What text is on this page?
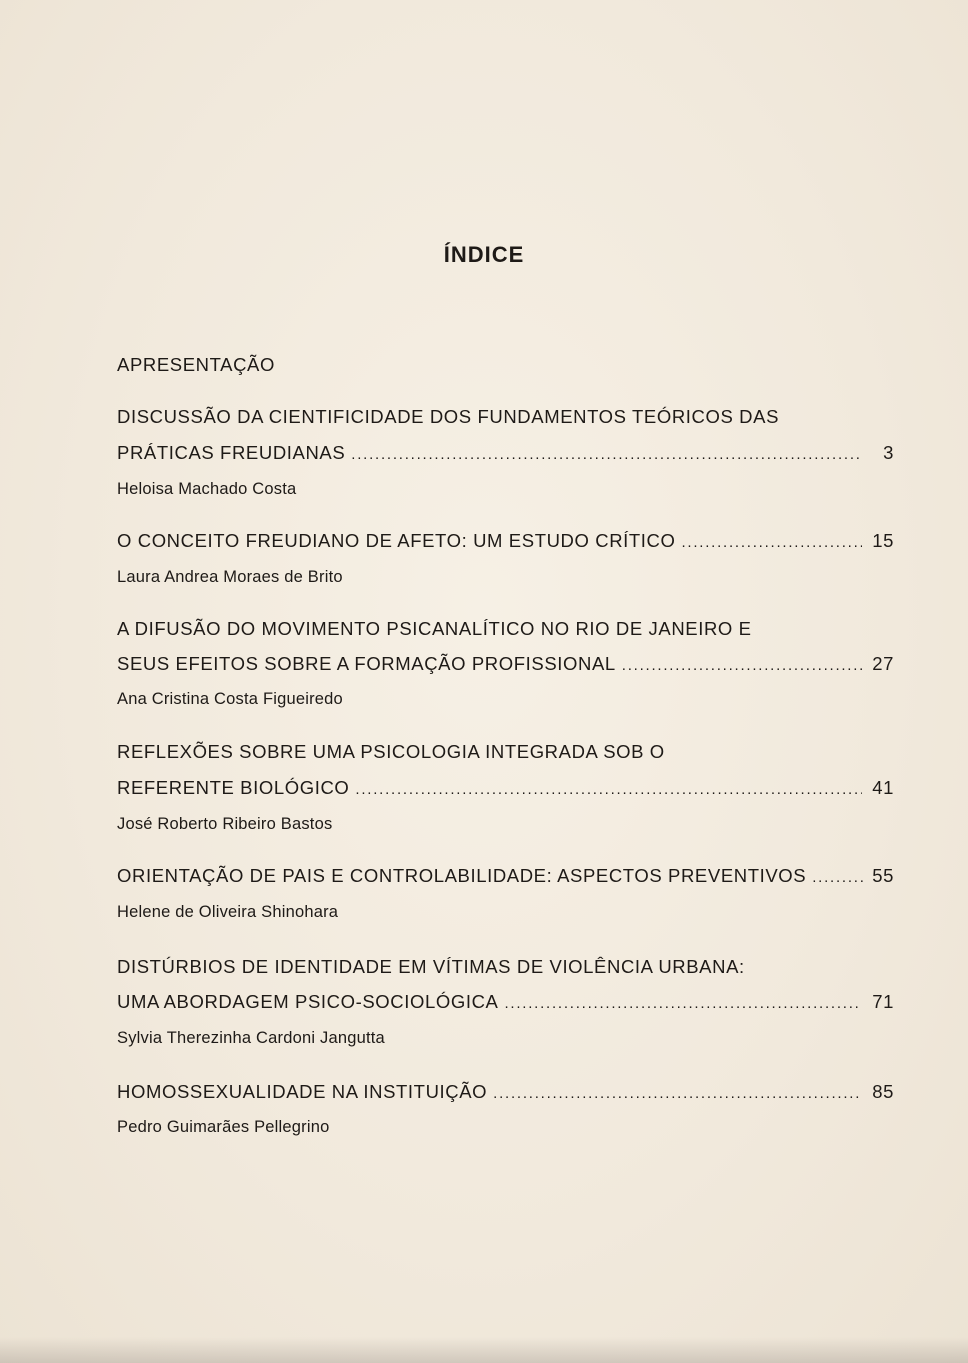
ÍNDICE
APRESENTAÇÃO
DISCUSSÃO DA CIENTIFICIDADE DOS FUNDAMENTOS TEÓRICOS DAS
PRÁTICAS FREUDIANAS . . .	3
Heloisa Machado Costa
O CONCEITO FREUDIANO DE AFETO: UM ESTUDO CRÍTICO . . .	15
Laura Andrea Moraes de Brito
A DIFUSÃO DO MOVIMENTO PSICANALÍTICO NO RIO DE JANEIRO E
SEUS EFEITOS SOBRE A FORMAÇÃO PROFISSIONAL . . .	27
Ana Cristina Costa Figueiredo
REFLEXÕES SOBRE UMA PSICOLOGIA INTEGRADA SOB O
REFERENTE BIOLÓGICO . . .	41
José Roberto Ribeiro Bastos
ORIENTAÇÃO DE PAIS E CONTROLABILIDADE: ASPECTOS PREVENTIVOS . . .	55
Helene de Oliveira Shinohara
DISTÚRBIOS DE IDENTIDADE EM VÍTIMAS DE VIOLÊNCIA URBANA:
UMA ABORDAGEM PSICO-SOCIOLÓGICA . . .	71
Sylvia Therezinha Cardoni Jangutta
HOMOSSEXUALIDADE NA INSTITUIÇÃO . . .	85
Pedro Guimarães Pellegrino
